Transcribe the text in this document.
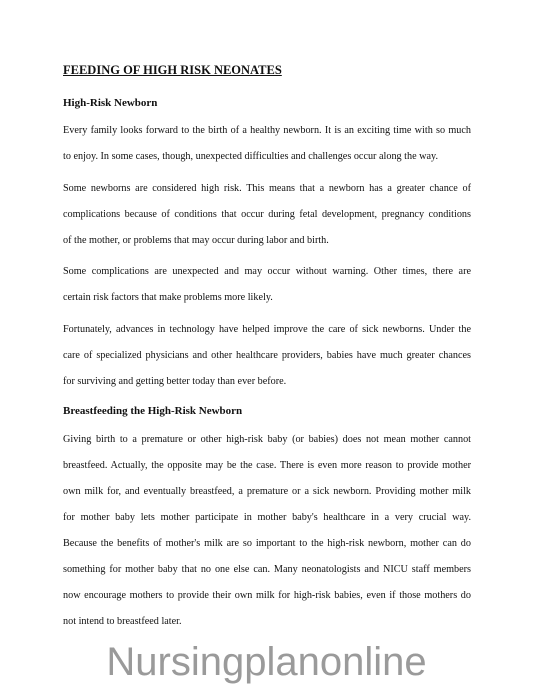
FEEDING OF HIGH RISK NEONATES
High-Risk Newborn

Every family looks forward to the birth of a healthy newborn. It is an exciting time with so much
to enjoy. In some cases, though, unexpected difficulties and challenges occur along the way.

Some newborns are considered high risk. This means that a newborn has a greater chance of
complications because of conditions that occur during fetal development, pregnancy conditions
of the mother, or problems that may occur during labor and birth.

Some complications are unexpected and may occur without warning. Other times, there are
certain risk factors that make problems more likely.

Fortunately, advances in technology have helped improve the care of sick newborns. Under the
care of specialized physicians and other healthcare providers, babies have much greater chances
for surviving and getting better today than ever before.

Breastfeeding the High-Risk Newborn

Giving birth to a premature or other high-risk baby (or babies) does not mean mother cannot
breastfeed. Actually, the opposite may be the case. There is even more reason to provide mother
own milk for, and eventually breastfeed, a premature or a sick newborn. Providing mother milk
for mother baby lets mother participate in mother baby's healthcare in a very crucial way.
Because the benefits of mother's milk are so important to the high-risk newborn, mother can do
something for mother baby that no one else can. Many neonatologists and NICU staff members
now encourage mothers to provide their own milk for high-risk babies, even if those mothers do
not intend to breastfeed later.

Nursingplanonline
